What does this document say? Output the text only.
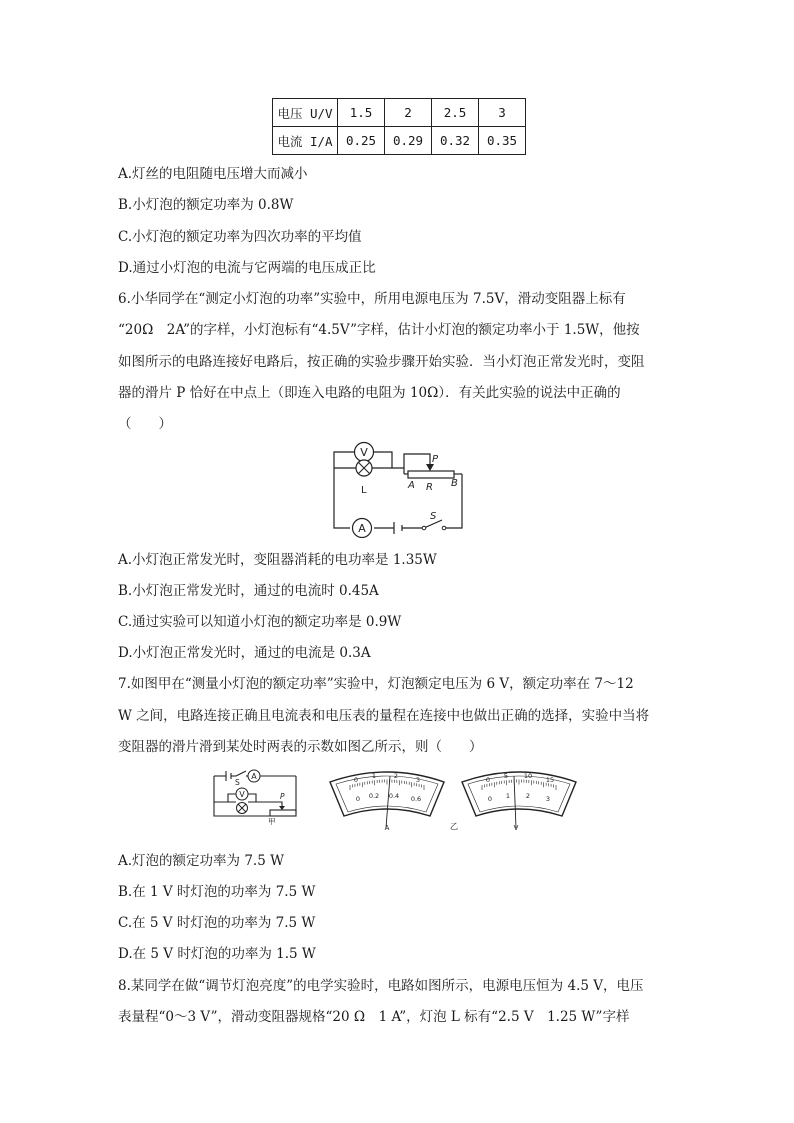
电压 U/V	1.5	2	2.5	3
电流 I/A	0.25	0.29	0.32	0.35
A.灯丝的电阻随电压增大而减小
B.小灯泡的额定功率为 0.8W
C.小灯泡的额定功率为四次功率的平均值
D.通过小灯泡的电流与它两端的电压成正比
6.小华同学在“测定小灯泡的功率”实验中，所用电源电压为 7.5V，滑动变阻器上标有
“20Ω　2A”的字样，小灯泡标有“4.5V”字样，估计小灯泡的额定功率小于 1.5W，他按
如图所示的电路连接好电路后，按正确的实验步骤开始实验．当小灯泡正常发光时，变阻
器的滑片 P 恰好在中点上（即连入电路的电阻为 10Ω）．有关此实验的说法中正确的
（　　）
V
A
L
P
A R B
S
A.小灯泡正常发光时，变阻器消耗的电功率是 1.35W
B.小灯泡正常发光时，通过的电流时 0.45A
C.通过实验可以知道小灯泡的额定功率是 0.9W
D.小灯泡正常发光时，通过的电流是 0.3A
7.如图甲在“测量小灯泡的额定功率”实验中，灯泡额定电压为 6 V，额定功率在 7～12
W 之间，电路连接正确且电流表和电压表的量程在连接中也做出正确的选择，实验中当将
变阻器的滑片滑到某处时两表的示数如图乙所示，则（　　）
A
V
S
P
甲
0 1	2	3
0 0.2 0.4 0.6
A	乙
0 5 10 15
0 1 2 3
V
A.灯泡的额定功率为 7.5 W
B.在 1 V 时灯泡的功率为 7.5 W
C.在 5 V 时灯泡的功率为 7.5 W
D.在 5 V 时灯泡的功率为 1.5 W
8.某同学在做“调节灯泡亮度”的电学实验时，电路如图所示，电源电压恒为 4.5 V，电压
表量程“0～3 V”，滑动变阻器规格“20 Ω　1 A”，灯泡 L 标有“2.5 V　1.25 W”字样
